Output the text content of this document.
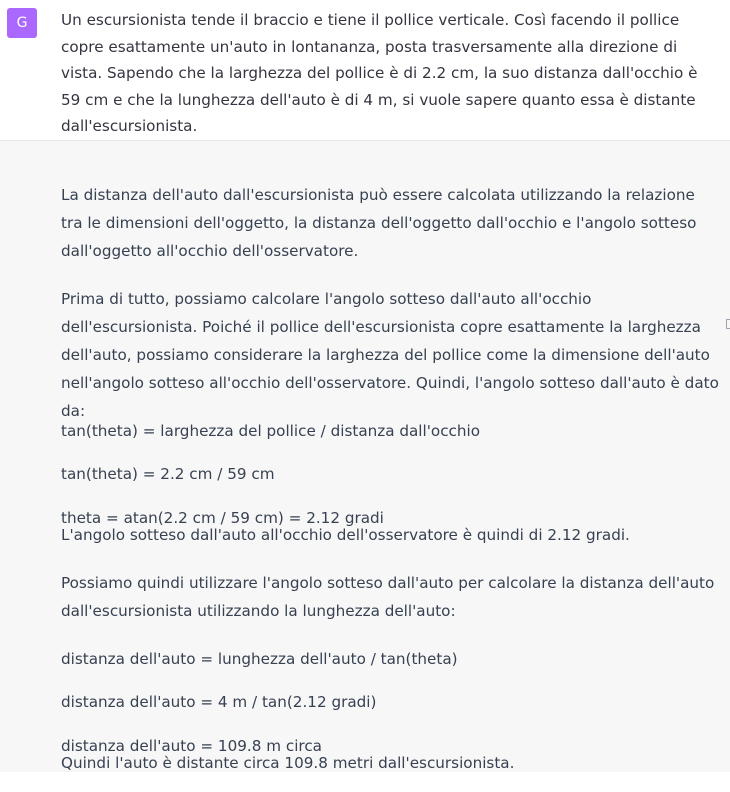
G Un escursionista tende il braccio e tiene il pollice verticale. Così facendo il pollice copre esattamente un'auto in lontananza, posta trasversamente alla direzione di vista. Sapendo che la larghezza del pollice è di 2.2 cm, la suo distanza dall'occhio è 59 cm e che la lunghezza dell'auto è di 4 m, si vuole sapere quanto essa è distante dall'escursionista.

La distanza dell'auto dall'escursionista può essere calcolata utilizzando la relazione tra le dimensioni dell'oggetto, la distanza dell'oggetto dall'occhio e l'angolo sotteso dall'oggetto all'occhio dell'osservatore.

Prima di tutto, possiamo calcolare l'angolo sotteso dall'auto all'occhio dell'escursionista. Poiché il pollice dell'escursionista copre esattamente la larghezza dell'auto, possiamo considerare la larghezza del pollice come la dimensione dell'auto nell'angolo sotteso all'occhio dell'osservatore. Quindi, l'angolo sotteso dall'auto è dato da:

tan(theta) = larghezza del pollice / distanza dall'occhio

tan(theta) = 2.2 cm / 59 cm

theta = atan(2.2 cm / 59 cm) = 2.12 gradi

L'angolo sotteso dall'auto all'occhio dell'osservatore è quindi di 2.12 gradi.

Possiamo quindi utilizzare l'angolo sotteso dall'auto per calcolare la distanza dell'auto dall'escursionista utilizzando la lunghezza dell'auto:

distanza dell'auto = lunghezza dell'auto / tan(theta)

distanza dell'auto = 4 m / tan(2.12 gradi)

distanza dell'auto = 109.8 m circa

Quindi l'auto è distante circa 109.8 metri dall'escursionista.
